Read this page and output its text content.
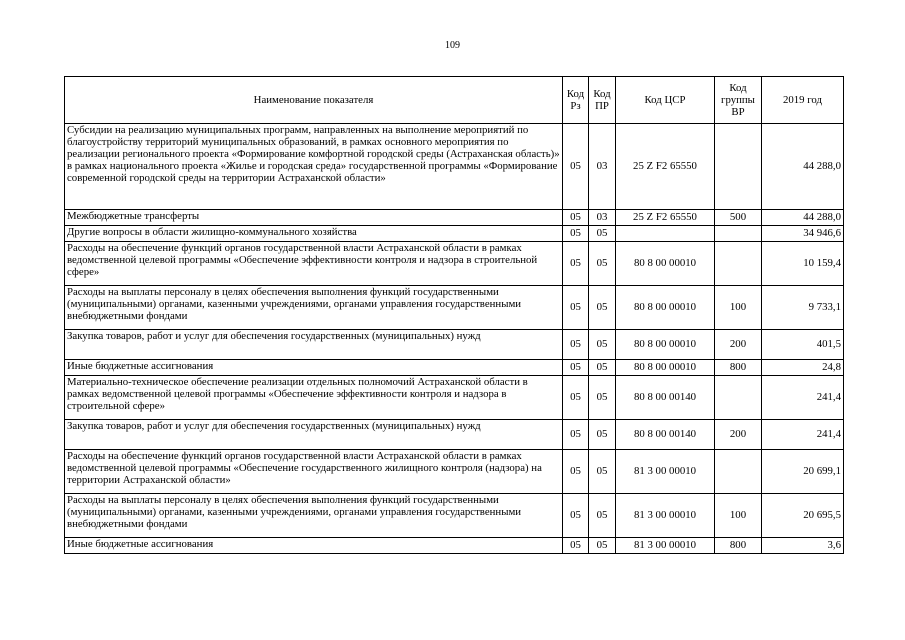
109
Наименование показателя	Код Рз	Код ПР	Код ЦСР	Код группы ВР	2019 год
Субсидии на реализацию муниципальных программ, направленных на выполнение мероприятий по благоустройству территорий муниципальных образований, в рамках основного мероприятия по реализации регионального проекта «Формирование комфортной городской среды (Астраханская область)» в рамках национального проекта «Жилье и городская среда» государственной программы «Формирование современной городской среды на территории Астраханской области»	05	03	25 Z F2 65550		44 288,0
Межбюджетные трансферты	05	03	25 Z F2 65550	500	44 288,0
Другие вопросы в области жилищно-коммунального хозяйства	05	05			34 946,6
Расходы на обеспечение функций органов государственной власти Астраханской области в рамках ведомственной целевой программы «Обеспечение эффективности контроля и надзора в строительной сфере»	05	05	80 8 00 00010		10 159,4
Расходы на выплаты персоналу в целях обеспечения выполнения функций государственными (муниципальными) органами, казенными учреждениями, органами управления государственными внебюджетными фондами	05	05	80 8 00 00010	100	9 733,1
Закупка товаров, работ и услуг для обеспечения государственных (муниципальных) нужд	05	05	80 8 00 00010	200	401,5
Иные бюджетные ассигнования	05	05	80 8 00 00010	800	24,8
Материально-техническое обеспечение реализации отдельных полномочий Астраханской области в рамках ведомственной целевой программы «Обеспечение эффективности контроля и надзора в строительной сфере»	05	05	80 8 00 00140		241,4
Закупка товаров, работ и услуг для обеспечения государственных (муниципальных) нужд	05	05	80 8 00 00140	200	241,4
Расходы на обеспечение функций органов государственной власти Астраханской области в рамках ведомственной целевой программы «Обеспечение государственного жилищного контроля (надзора) на территории Астраханской области»	05	05	81 3 00 00010		20 699,1
Расходы на выплаты персоналу в целях обеспечения выполнения функций государственными (муниципальными) органами, казенными учреждениями, органами управления государственными внебюджетными фондами	05	05	81 3 00 00010	100	20 695,5
Иные бюджетные ассигнования	05	05	81 3 00 00010	800	3,6
